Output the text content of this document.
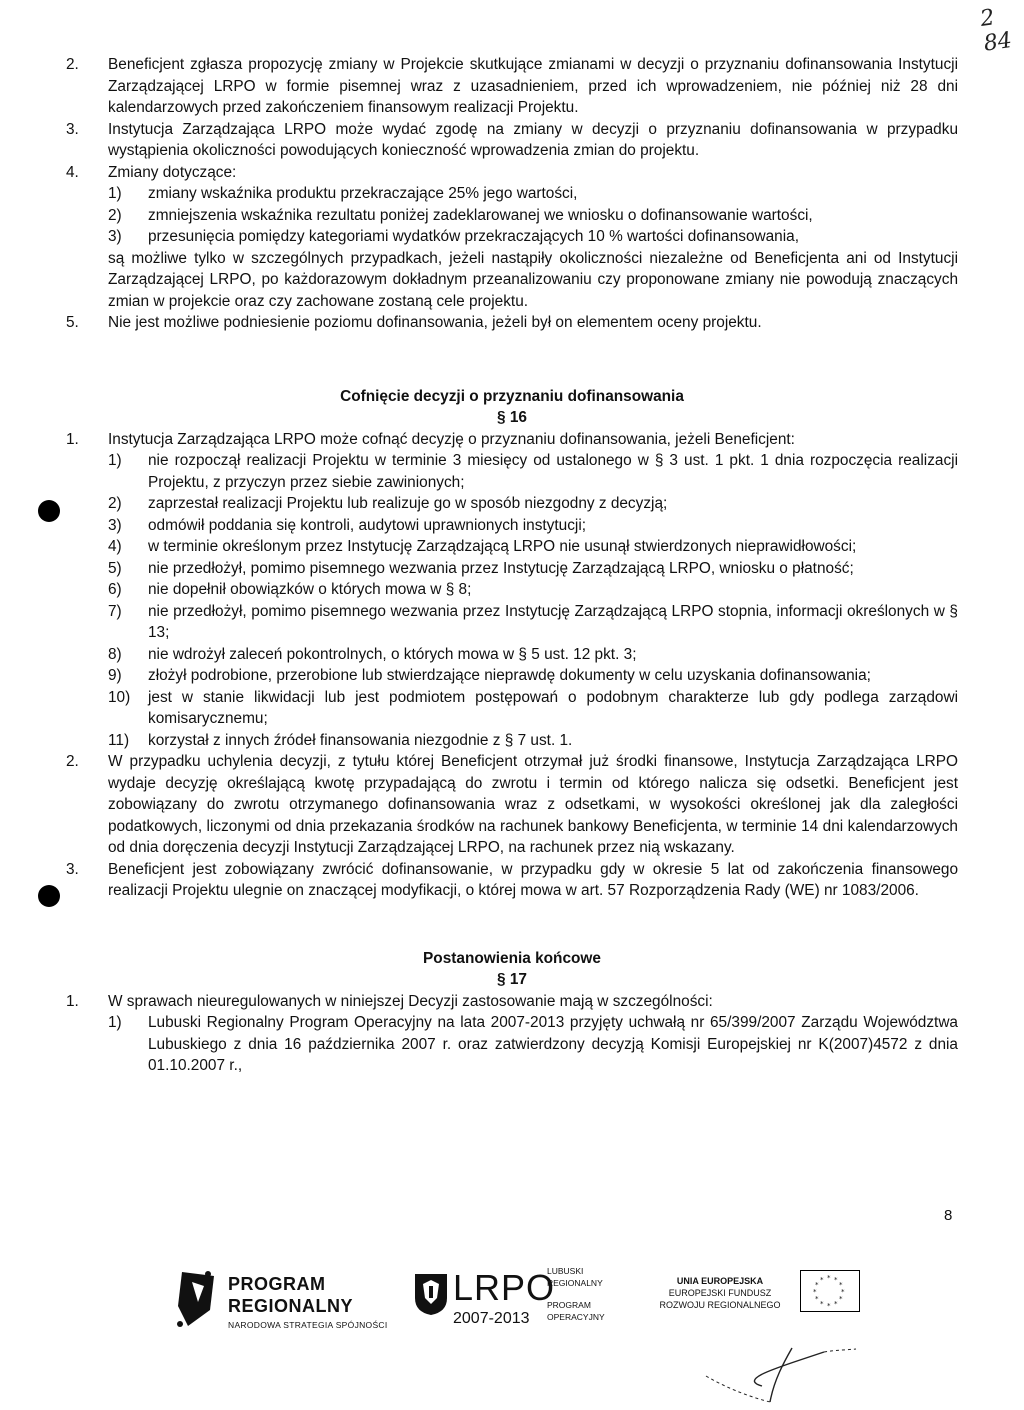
2 84
2. Beneficjent zgłasza propozycję zmiany w Projekcie skutkujące zmianami w decyzji o przyznaniu dofinansowania Instytucji Zarządzającej LRPO w formie pisemnej wraz z uzasadnieniem, przed ich wprowadzeniem, nie później niż 28 dni kalendarzowych przed zakończeniem finansowym realizacji Projektu.

3. Instytucja Zarządzająca LRPO może wydać zgodę na zmiany w decyzji o przyznaniu dofinansowania w przypadku wystąpienia okoliczności powodujących konieczność wprowadzenia zmian do projektu.

4. Zmiany dotyczące:

1) zmiany wskaźnika produktu przekraczające 25% jego wartości,

2) zmniejszenia wskaźnika rezultatu poniżej zadeklarowanej we wniosku o dofinansowanie wartości,

3) przesunięcia pomiędzy kategoriami wydatków przekraczających 10 % wartości dofinansowania,

są możliwe tylko w szczególnych przypadkach, jeżeli nastąpiły okoliczności niezależne od Beneficjenta ani od Instytucji Zarządzającej LRPO, po każdorazowym dokładnym przeanalizowaniu czy proponowane zmiany nie powodują znaczących zmian w projekcie oraz czy zachowane zostaną cele projektu.

5. Nie jest możliwe podniesienie poziomu dofinansowania, jeżeli był on elementem oceny projektu.

Cofnięcie decyzji o przyznaniu dofinansowania

§ 16

1. Instytucja Zarządzająca LRPO może cofnąć decyzję o przyznaniu dofinansowania, jeżeli Beneficjent:

1) nie rozpoczął realizacji Projektu w terminie 3 miesięcy od ustalonego w § 3 ust. 1 pkt. 1 dnia rozpoczęcia realizacji Projektu, z przyczyn przez siebie zawinionych;

2) zaprzestał realizacji Projektu lub realizuje go w sposób niezgodny z decyzją;

3) odmówił poddania się kontroli, audytowi uprawnionych instytucji;

4) w terminie określonym przez Instytucję Zarządzającą LRPO nie usunął stwierdzonych nieprawidłowości;

5) nie przedłożył, pomimo pisemnego wezwania przez Instytucję Zarządzającą LRPO, wniosku o płatność;

6) nie dopełnił obowiązków o których mowa w § 8;

7) nie przedłożył, pomimo pisemnego wezwania przez Instytucję Zarządzającą LRPO stopnia, informacji określonych w § 13;

8) nie wdrożył zaleceń pokontrolnych, o których mowa w § 5 ust. 12 pkt. 3;

9) złożył podrobione, przerobione lub stwierdzające nieprawdę dokumenty w celu uzyskania dofinansowania;

10) jest w stanie likwidacji lub jest podmiotem postępowań o podobnym charakterze lub gdy podlega zarządowi komisarycznemu;

11) korzystał z innych źródeł finansowania niezgodnie z § 7 ust. 1.

2. W przypadku uchylenia decyzji, z tytułu której Beneficjent otrzymał już środki finansowe, Instytucja Zarządzająca LRPO wydaje decyzję określającą kwotę przypadającą do zwrotu i termin od którego nalicza się odsetki. Beneficjent jest zobowiązany do zwrotu otrzymanego dofinansowania wraz z odsetkami, w wysokości określonej jak dla zaległości podatkowych, liczonymi od dnia przekazania środków na rachunek bankowy Beneficjenta, w terminie 14 dni kalendarzowych od dnia doręczenia decyzji Instytucji Zarządzającej LRPO, na rachunek przez nią wskazany.

3. Beneficjent jest zobowiązany zwrócić dofinansowanie, w przypadku gdy w okresie 5 lat od zakończenia finansowego realizacji Projektu ulegnie on znaczącej modyfikacji, o której mowa w art. 57 Rozporządzenia Rady (WE) nr 1083/2006.

Postanowienia końcowe

§ 17

1. W sprawach nieuregulowanych w niniejszej Decyzji zastosowanie mają w szczególności:

1) Lubuski Regionalny Program Operacyjny na lata 2007-2013 przyjęty uchwałą nr 65/399/2007 Zarządu Województwa Lubuskiego z dnia 16 października 2007 r. oraz zatwierdzony decyzją Komisji Europejskiej nr K(2007)4572 z dnia 01.10.2007 r.,

8
PROGRAM
REGIONALNY
NARODOWA STRATEGIA SPÓJNOŚCI
LRPO
2007-2013
LUBUSKI
REGIONALNY
PROGRAM
OPERACYJNY
UNIA EUROPEJSKA
EUROPEJSKI FUNDUSZ
ROZWOJU REGIONALNEGO
* *
*
*
*
*
*
*
*
*
*
*
